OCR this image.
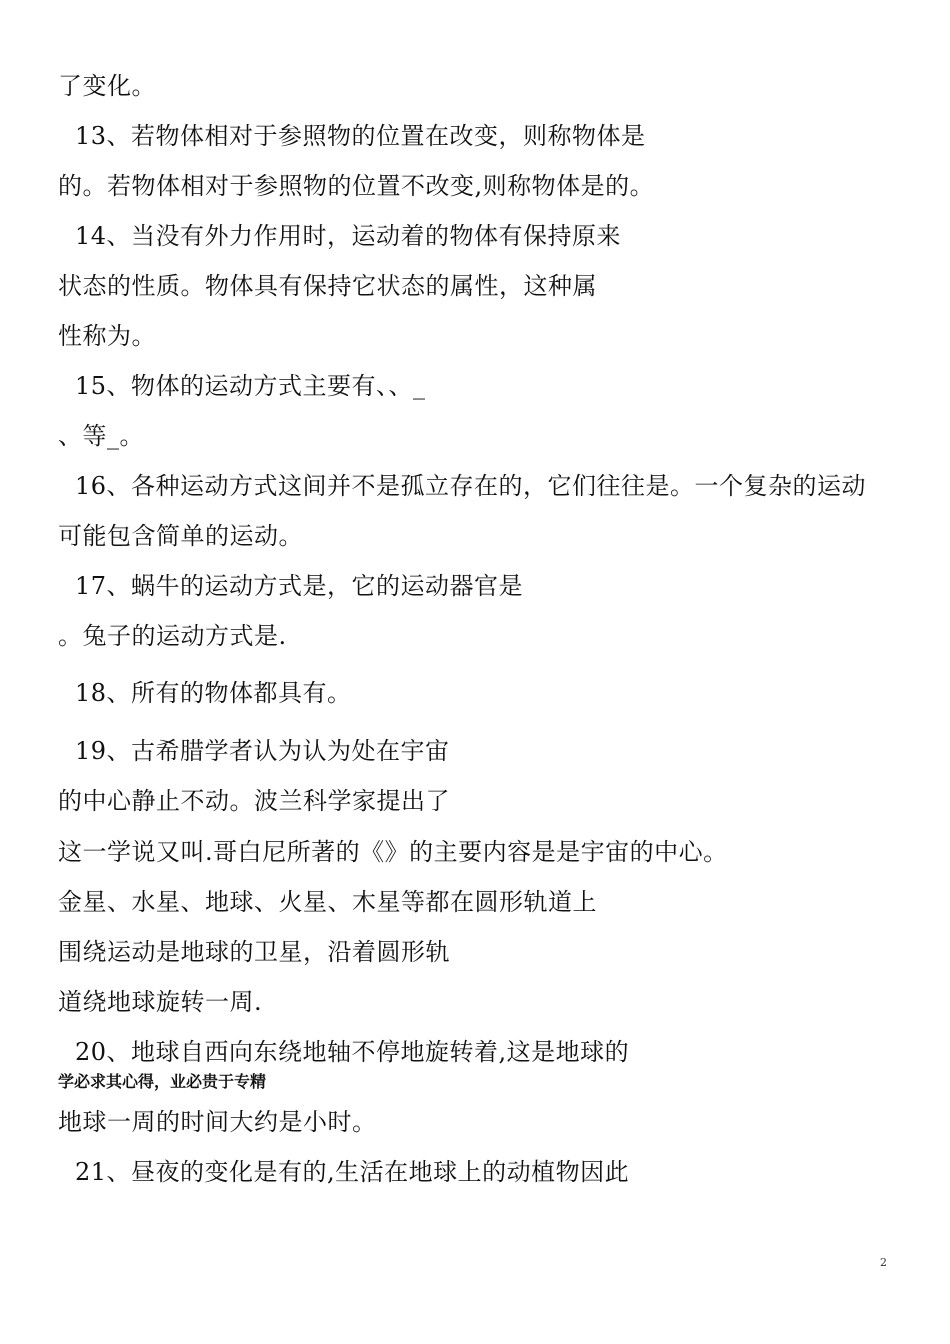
了变化。
13、若物体相对于参照物的位置在改变，则称物体是
的。若物体相对于参照物的位置不改变,则称物体是的。
14、当没有外力作用时，运动着的物体有保持原来
状态的性质。物体具有保持它状态的属性，这种属
性称为。
15、物体的运动方式主要有、、_
、等_。
16、各种运动方式这间并不是孤立存在的，它们往往是。一个复杂的运动
可能包含简单的运动。
17、蜗牛的运动方式是，它的运动器官是
。兔子的运动方式是.
18、所有的物体都具有。
19、古希腊学者认为认为处在宇宙
的中心静止不动。波兰科学家提出了
这一学说又叫.哥白尼所著的《》的主要内容是是宇宙的中心。
金星、水星、地球、火星、木星等都在圆形轨道上
围绕运动是地球的卫星，沿着圆形轨
道绕地球旋转一周.
20、地球自西向东绕地轴不停地旋转着,这是地球的
学必求其心得，业必贵于专精
地球一周的时间大约是小时。
21、昼夜的变化是有的,生活在地球上的动植物因此
2
